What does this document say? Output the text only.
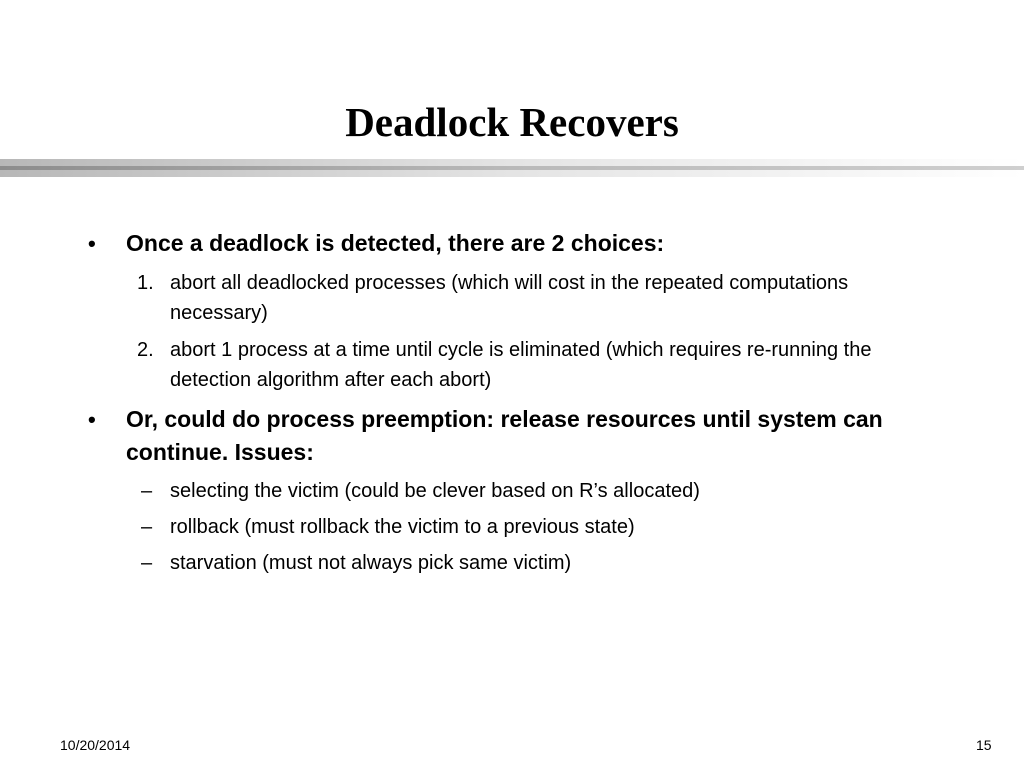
Deadlock Recovers
• Once a deadlock is detected, there are 2 choices:
1. abort all deadlocked processes (which will cost in the repeated computations necessary)
2. abort 1 process at a time until cycle is eliminated (which requires re-running the detection algorithm after each abort)
• Or, could do process preemption: release resources until system can continue. Issues:
– selecting the victim (could be clever based on R’s allocated)
– rollback (must rollback the victim to a previous state)
– starvation (must not always pick same victim)
10/20/2014	15
